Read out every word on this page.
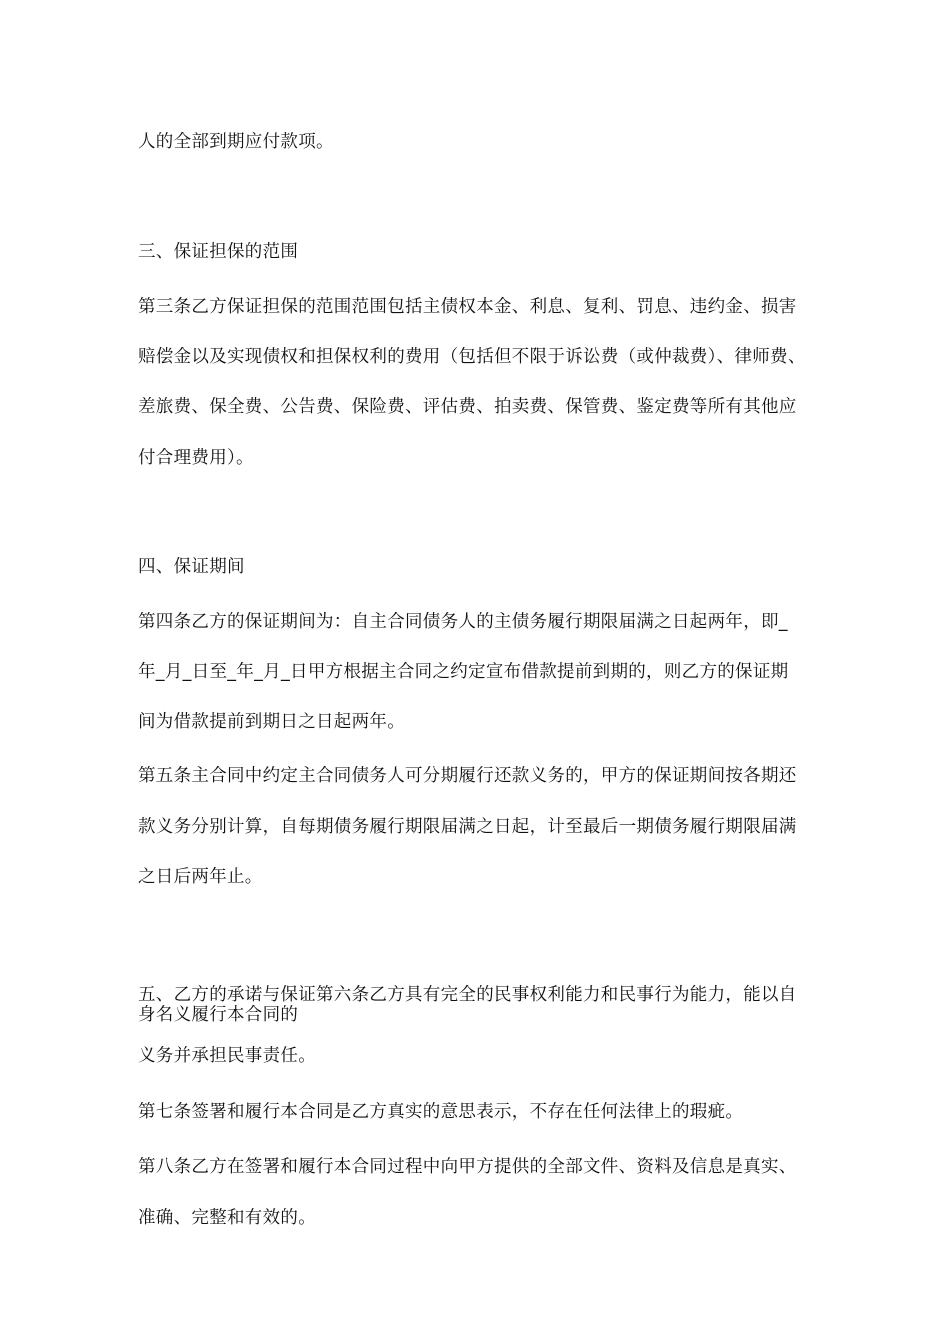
人的全部到期应付款项。
三、保证担保的范围
第三条乙方保证担保的范围范围包括主债权本金、利息、复利、罚息、违约金、损害
赔偿金以及实现债权和担保权利的费用（包括但不限于诉讼费（或仲裁费）、律师费、
差旅费、保全费、公告费、保险费、评估费、拍卖费、保管费、鉴定费等所有其他应
付合理费用）。
四、保证期间
第四条乙方的保证期间为：自主合同债务人的主债务履行期限届满之日起两年，即_
年_月_日至_年_月_日甲方根据主合同之约定宣布借款提前到期的，则乙方的保证期
间为借款提前到期日之日起两年。
第五条主合同中约定主合同债务人可分期履行还款义务的，甲方的保证期间按各期还
款义务分别计算，自每期债务履行期限届满之日起，计至最后一期债务履行期限届满
之日后两年止。
五、乙方的承诺与保证第六条乙方具有完全的民事权利能力和民事行为能力，能以自
身名义履行本合同的
义务并承担民事责任。
第七条签署和履行本合同是乙方真实的意思表示，不存在任何法律上的瑕疵。
第八条乙方在签署和履行本合同过程中向甲方提供的全部文件、资料及信息是真实、
准确、完整和有效的。
